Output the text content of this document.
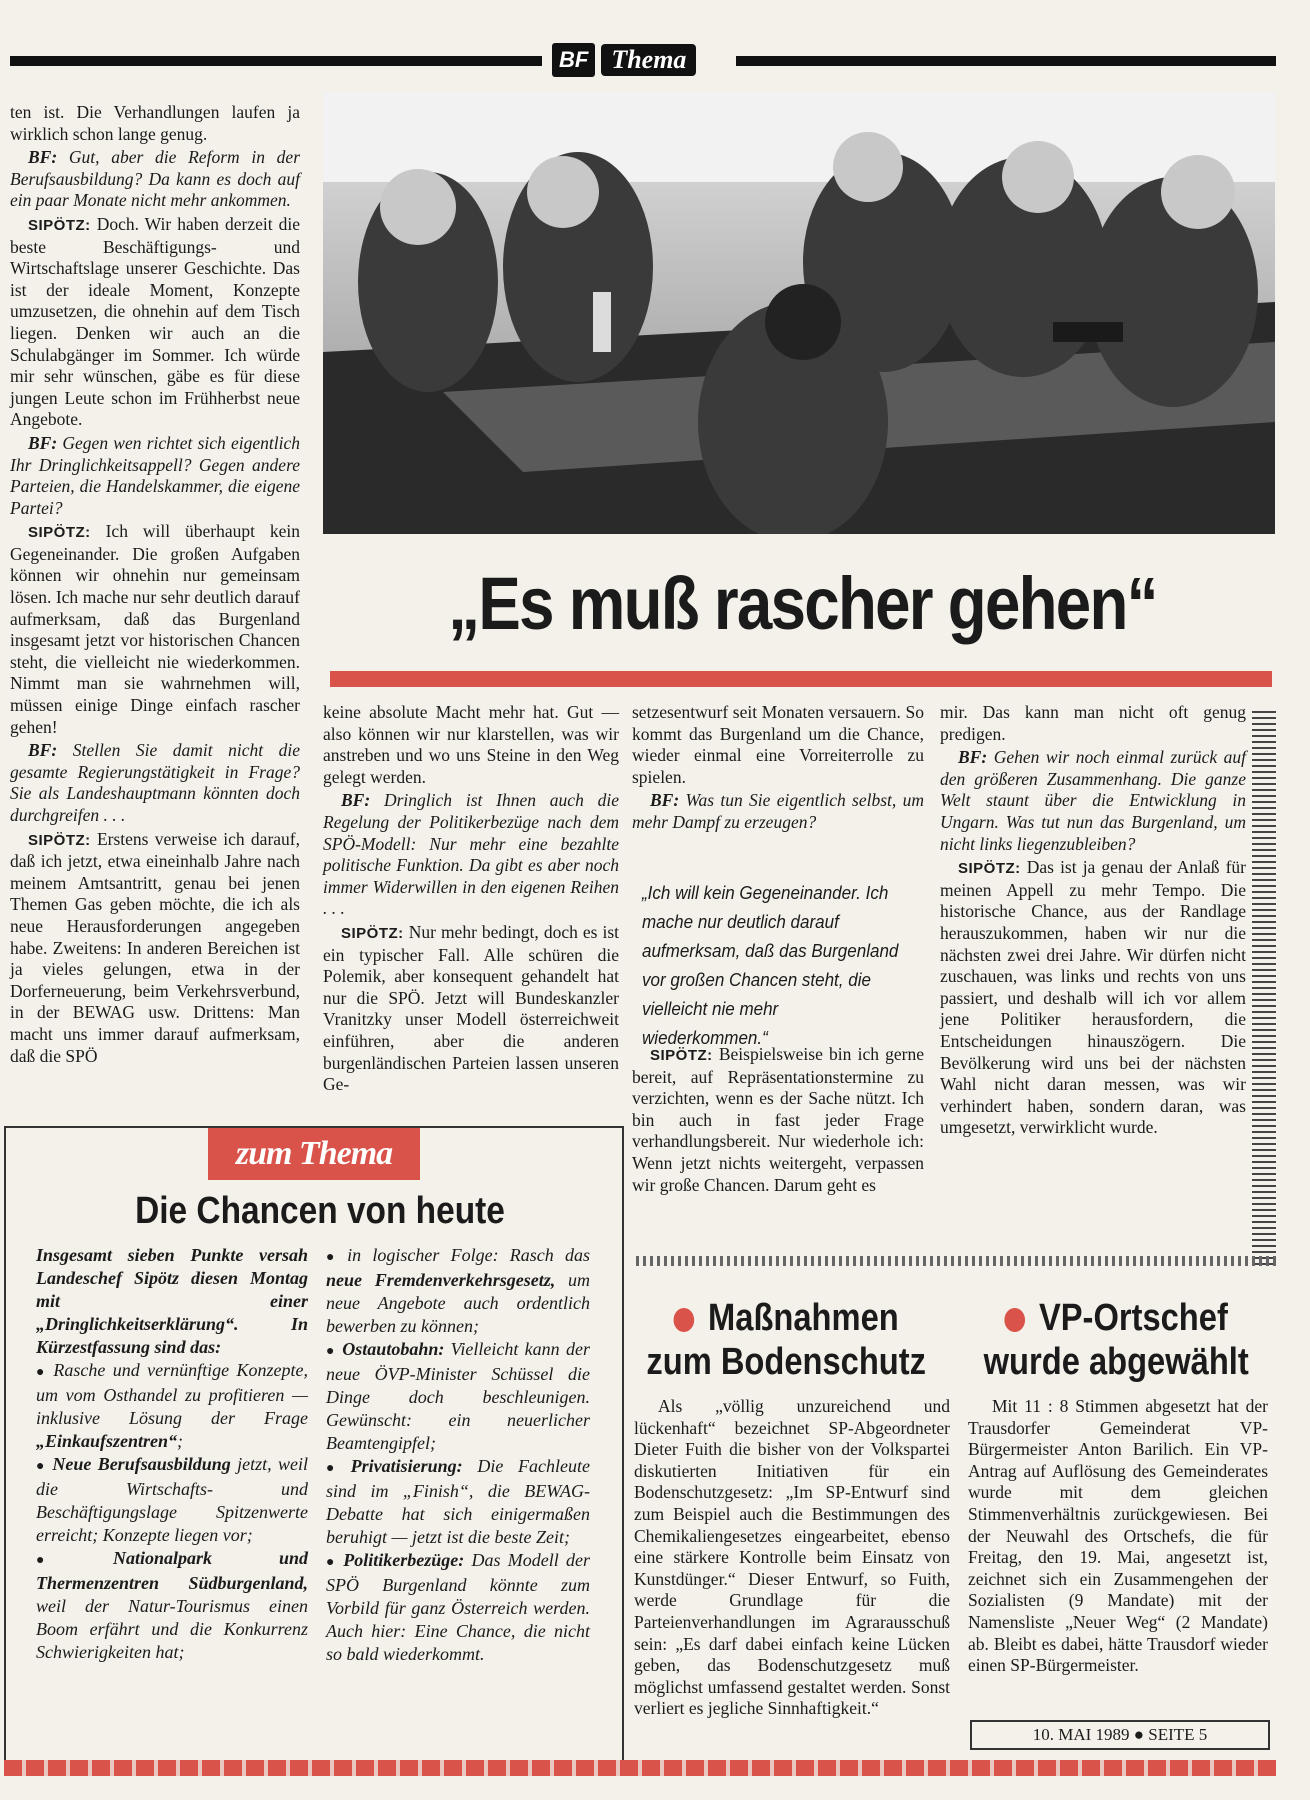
BF Thema

ten ist. Die Verhandlungen laufen ja wirklich schon lange genug.

BF: Gut, aber die Reform in der Berufsausbildung? Da kann es doch auf ein paar Monate nicht mehr ankommen.

SIPÖTZ: Doch. Wir haben derzeit die beste Beschäftigungs- und Wirtschaftslage unserer Geschichte. Das ist der ideale Moment, Konzepte umzusetzen, die ohnehin auf dem Tisch liegen. Denken wir auch an die Schulabgänger im Sommer. Ich würde mir sehr wünschen, gäbe es für diese jungen Leute schon im Frühherbst neue Angebote.

BF: Gegen wen richtet sich eigentlich Ihr Dringlichkeitsappell? Gegen andere Parteien, die Handelskammer, die eigene Partei?

SIPÖTZ: Ich will überhaupt kein Gegeneinander. Die großen Aufgaben können wir ohnehin nur gemeinsam lösen. Ich mache nur sehr deutlich darauf aufmerksam, daß das Burgenland insgesamt jetzt vor historischen Chancen steht, die vielleicht nie wiederkommen. Nimmt man sie wahrnehmen will, müssen einige Dinge einfach rascher gehen!

BF: Stellen Sie damit nicht die gesamte Regierungstätigkeit in Frage? Sie als Landeshauptmann könnten doch durchgreifen . . .

SIPÖTZ: Erstens verweise ich darauf, daß ich jetzt, etwa eineinhalb Jahre nach meinem Amtsantritt, genau bei jenen Themen Gas geben möchte, die ich als neue Herausforderungen angegeben habe. Zweitens: In anderen Bereichen ist ja vieles gelungen, etwa in der Dorferneuerung, beim Verkehrsverbund, in der BEWAG usw. Drittens: Man macht uns immer darauf aufmerksam, daß die SPÖ

„Es muß rascher gehen“

keine absolute Macht mehr hat. Gut — also können wir nur klarstellen, was wir anstreben und wo uns Steine in den Weg gelegt werden.

BF: Dringlich ist Ihnen auch die Regelung der Politikerbezüge nach dem SPÖ-Modell: Nur mehr eine bezahlte politische Funktion. Da gibt es aber noch immer Widerwillen in den eigenen Reihen . . .

SIPÖTZ: Nur mehr bedingt, doch es ist ein typischer Fall. Alle schüren die Polemik, aber konsequent gehandelt hat nur die SPÖ. Jetzt will Bundeskanzler Vranitzky unser Modell österreichweit einführen, aber die anderen burgenländischen Parteien lassen unseren Ge-

setzesentwurf seit Monaten versauern. So kommt das Burgenland um die Chance, wieder einmal eine Vorreiterrolle zu spielen.

BF: Was tun Sie eigentlich selbst, um mehr Dampf zu erzeugen?

„Ich will kein Gegeneinander. Ich mache nur deutlich darauf aufmerksam, daß das Burgenland vor großen Chancen steht, die vielleicht nie mehr wiederkommen.“

SIPÖTZ: Beispielsweise bin ich gerne bereit, auf Repräsentationstermine zu verzichten, wenn es der Sache nützt. Ich bin auch in fast jeder Frage verhandlungsbereit. Nur wiederhole ich: Wenn jetzt nichts weitergeht, verpassen wir große Chancen. Darum geht es

mir. Das kann man nicht oft genug predigen.

BF: Gehen wir noch einmal zurück auf den größeren Zusammenhang. Die ganze Welt staunt über die Entwicklung in Ungarn. Was tut nun das Burgenland, um nicht links liegenzubleiben?

SIPÖTZ: Das ist ja genau der Anlaß für meinen Appell zu mehr Tempo. Die historische Chance, aus der Randlage herauszukommen, haben wir nur die nächsten zwei drei Jahre. Wir dürfen nicht zuschauen, was links und rechts von uns passiert, und deshalb will ich vor allem jene Politiker herausfordern, die Entscheidungen hinauszögern. Die Bevölkerung wird uns bei der nächsten Wahl nicht daran messen, was wir verhindert haben, sondern daran, was umgesetzt, verwirklicht wurde.

zum Thema
Die Chancen von heute

Insgesamt sieben Punkte versah Landeschef Sipötz diesen Montag mit einer „Dringlichkeitserklärung“. In Kürzestfassung sind das:

● Rasche und vernünftige Konzepte, um vom Osthandel zu profitieren — inklusive Lösung der Frage „Einkaufszentren“;

● Neue Berufsausbildung jetzt, weil die Wirtschafts- und Beschäftigungslage Spitzenwerte erreicht; Konzepte liegen vor;

● Nationalpark und Thermenzentren Südburgenland, weil der Natur-Tourismus einen Boom erfährt und die Konkurrenz Schwierigkeiten hat;

● in logischer Folge: Rasch das neue Fremdenverkehrsgesetz, um neue Angebote auch ordentlich bewerben zu können;

● Ostautobahn: Vielleicht kann der neue ÖVP-Minister Schüssel die Dinge doch beschleunigen. Gewünscht: ein neuerlicher Beamtengipfel;

● Privatisierung: Die Fachleute sind im „Finish“, die BEWAG-Debatte hat sich einigermaßen beruhigt — jetzt ist die beste Zeit;

● Politikerbezüge: Das Modell der SPÖ Burgenland könnte zum Vorbild für ganz Österreich werden. Auch hier: Eine Chance, die nicht so bald wiederkommt.

Maßnahmen
zum Bodenschutz
Als „völlig unzureichend und lückenhaft“ bezeichnet SP-Abgeordneter Dieter Fuith die bisher von der Volkspartei diskutierten Initiativen für ein Bodenschutzgesetz: „Im SP-Entwurf sind zum Beispiel auch die Bestimmungen des Chemikaliengesetzes eingearbeitet, ebenso eine stärkere Kontrolle beim Einsatz von Kunstdünger.“ Dieser Entwurf, so Fuith, werde Grundlage für die Parteienverhandlungen im Agrarausschuß sein: „Es darf dabei einfach keine Lücken geben, das Bodenschutzgesetz muß möglichst umfassend gestaltet werden. Sonst verliert es jegliche Sinnhaftigkeit.“
VP-Ortschef
wurde abgewählt
Mit 11 : 8 Stimmen abgesetzt hat der Trausdorfer Gemeinderat VP-Bürgermeister Anton Barilich. Ein VP-Antrag auf Auflösung des Gemeinderates wurde mit dem gleichen Stimmenverhältnis zurückgewiesen. Bei der Neuwahl des Ortschefs, die für Freitag, den 19. Mai, angesetzt ist, zeichnet sich ein Zusammengehen der Sozialisten (9 Mandate) mit der Namensliste „Neuer Weg“ (2 Mandate) ab. Bleibt es dabei, hätte Trausdorf wieder einen SP-Bürgermeister.
10. MAI 1989 ● SEITE 5
